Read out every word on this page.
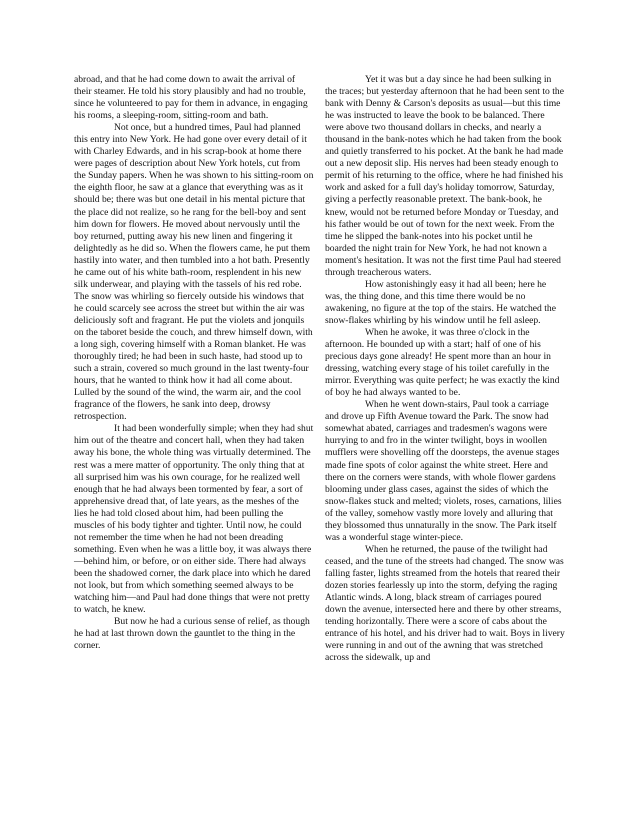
abroad, and that he had come down to await the arrival of their steamer. He told his story plausibly and had no trouble, since he volunteered to pay for them in advance, in engaging his rooms, a sleeping-room, sitting-room and bath.

Not once, but a hundred times, Paul had planned this entry into New York. He had gone over every detail of it with Charley Edwards, and in his scrap-book at home there were pages of description about New York hotels, cut from the Sunday papers. When he was shown to his sitting-room on the eighth floor, he saw at a glance that everything was as it should be; there was but one detail in his mental picture that the place did not realize, so he rang for the bell-boy and sent him down for flowers. He moved about nervously until the boy returned, putting away his new linen and fingering it delightedly as he did so. When the flowers came, he put them hastily into water, and then tumbled into a hot bath. Presently he came out of his white bath-room, resplendent in his new silk underwear, and playing with the tassels of his red robe. The snow was whirling so fiercely outside his windows that he could scarcely see across the street but within the air was deliciously soft and fragrant. He put the violets and jonquils on the taboret beside the couch, and threw himself down, with a long sigh, covering himself with a Roman blanket. He was thoroughly tired; he had been in such haste, had stood up to such a strain, covered so much ground in the last twenty-four hours, that he wanted to think how it had all come about. Lulled by the sound of the wind, the warm air, and the cool fragrance of the flowers, he sank into deep, drowsy retrospection.

It had been wonderfully simple; when they had shut him out of the theatre and concert hall, when they had taken away his bone, the whole thing was virtually determined. The rest was a mere matter of opportunity. The only thing that at all surprised him was his own courage, for he realized well enough that he had always been tormented by fear, a sort of apprehensive dread that, of late years, as the meshes of the lies he had told closed about him, had been pulling the muscles of his body tighter and tighter. Until now, he could not remember the time when he had not been dreading something. Even when he was a little boy, it was always there—behind him, or before, or on either side. There had always been the shadowed corner, the dark place into which he dared not look, but from which something seemed always to be watching him—and Paul had done things that were not pretty to watch, he knew.

But now he had a curious sense of relief, as though he had at last thrown down the gauntlet to the thing in the corner.

Yet it was but a day since he had been sulking in the traces; but yesterday afternoon that he had been sent to the bank with Denny & Carson's deposits as usual—but this time he was instructed to leave the book to be balanced. There were above two thousand dollars in checks, and nearly a thousand in the bank-notes which he had taken from the book and quietly transferred to his pocket. At the bank he had made out a new deposit slip. His nerves had been steady enough to permit of his returning to the office, where he had finished his work and asked for a full day's holiday tomorrow, Saturday, giving a perfectly reasonable pretext. The bank-book, he knew, would not be returned before Monday or Tuesday, and his father would be out of town for the next week. From the time he slipped the bank-notes into his pocket until he boarded the night train for New York, he had not known a moment's hesitation. It was not the first time Paul had steered through treacherous waters.

How astonishingly easy it had all been; here he was, the thing done, and this time there would be no awakening, no figure at the top of the stairs. He watched the snow-flakes whirling by his window until he fell asleep.

When he awoke, it was three o'clock in the afternoon. He bounded up with a start; half of one of his precious days gone already! He spent more than an hour in dressing, watching every stage of his toilet carefully in the mirror. Everything was quite perfect; he was exactly the kind of boy he had always wanted to be.

When he went down-stairs, Paul took a carriage and drove up Fifth Avenue toward the Park. The snow had somewhat abated, carriages and tradesmen's wagons were hurrying to and fro in the winter twilight, boys in woollen mufflers were shovelling off the doorsteps, the avenue stages made fine spots of color against the white street. Here and there on the corners were stands, with whole flower gardens blooming under glass cases, against the sides of which the snow-flakes stuck and melted; violets, roses, carnations, lilies of the valley, somehow vastly more lovely and alluring that they blossomed thus unnaturally in the snow. The Park itself was a wonderful stage winter-piece.

When he returned, the pause of the twilight had ceased, and the tune of the streets had changed. The snow was falling faster, lights streamed from the hotels that reared their dozen stories fearlessly up into the storm, defying the raging Atlantic winds. A long, black stream of carriages poured down the avenue, intersected here and there by other streams, tending horizontally. There were a score of cabs about the entrance of his hotel, and his driver had to wait. Boys in livery were running in and out of the awning that was stretched across the sidewalk, up and
